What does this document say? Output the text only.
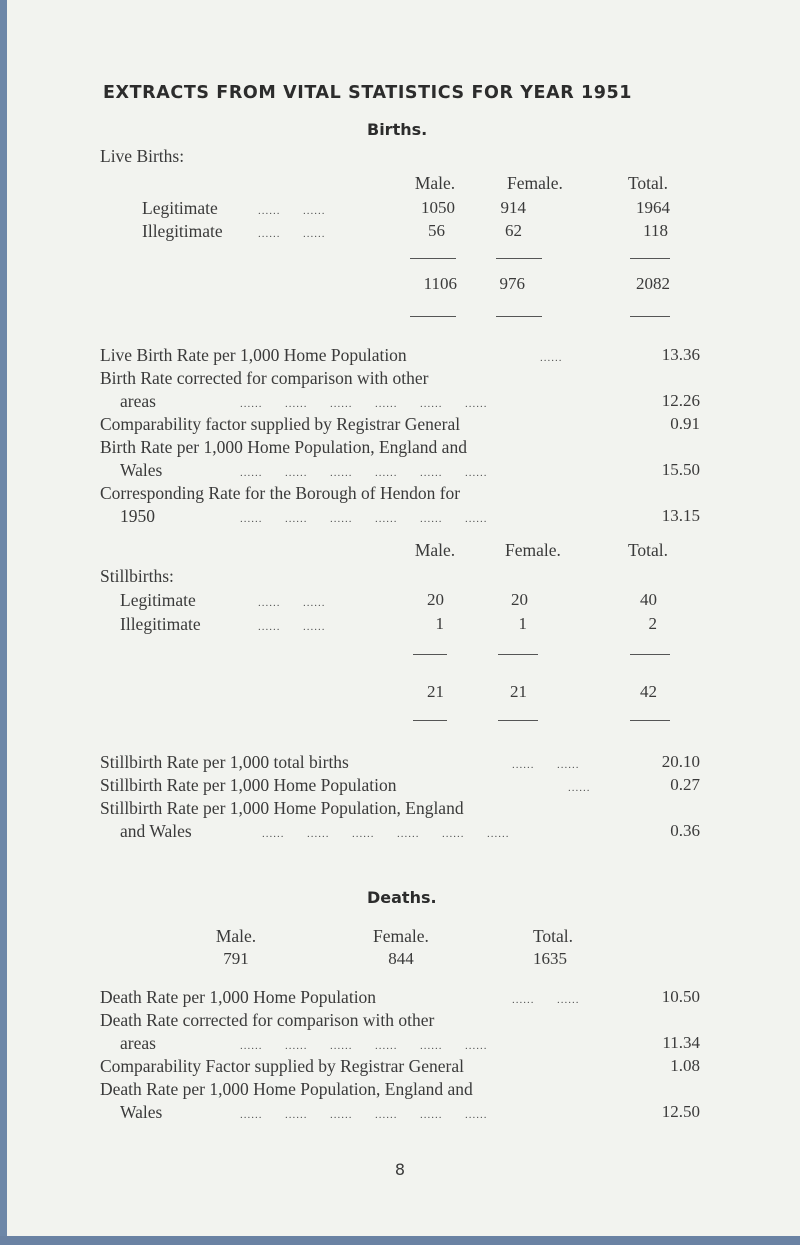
EXTRACTS FROM VITAL STATISTICS FOR YEAR 1951
Births.
Live Births:
Male.	Female.	Total.
Legitimate	......      ......	1050	914	1964
Illegitimate	......      ......	56	62	118
1106	976	2082
Live Birth Rate per 1,000 Home Population	......	13.36
Birth Rate corrected for comparison with other
areas	......      ......      ......      ......      ......      ......	12.26
Comparability factor supplied by Registrar General	0.91
Birth Rate per 1,000 Home Population, England and
Wales	......      ......      ......      ......      ......      ......	15.50
Corresponding Rate for the Borough of Hendon for
1950	......      ......      ......      ......      ......      ......	13.15
Male.	Female.	Total.
Stillbirths:
Legitimate	......      ......	20	20	40
Illegitimate	......      ......	1	1	2
21	21	42
Stillbirth Rate per 1,000 total births	......      ......	20.10
Stillbirth Rate per 1,000 Home Population	......	0.27
Stillbirth Rate per 1,000 Home Population, England
and Wales	......      ......      ......      ......      ......      ......	0.36
Deaths.
Male.	Female.	Total.
791	844	1635
Death Rate per 1,000 Home Population	......      ......	10.50
Death Rate corrected for comparison with other
areas	......      ......      ......      ......      ......      ......	11.34
Comparability Factor supplied by Registrar General	1.08
Death Rate per 1,000 Home Population, England and
Wales	......      ......      ......      ......      ......      ......	12.50
8
